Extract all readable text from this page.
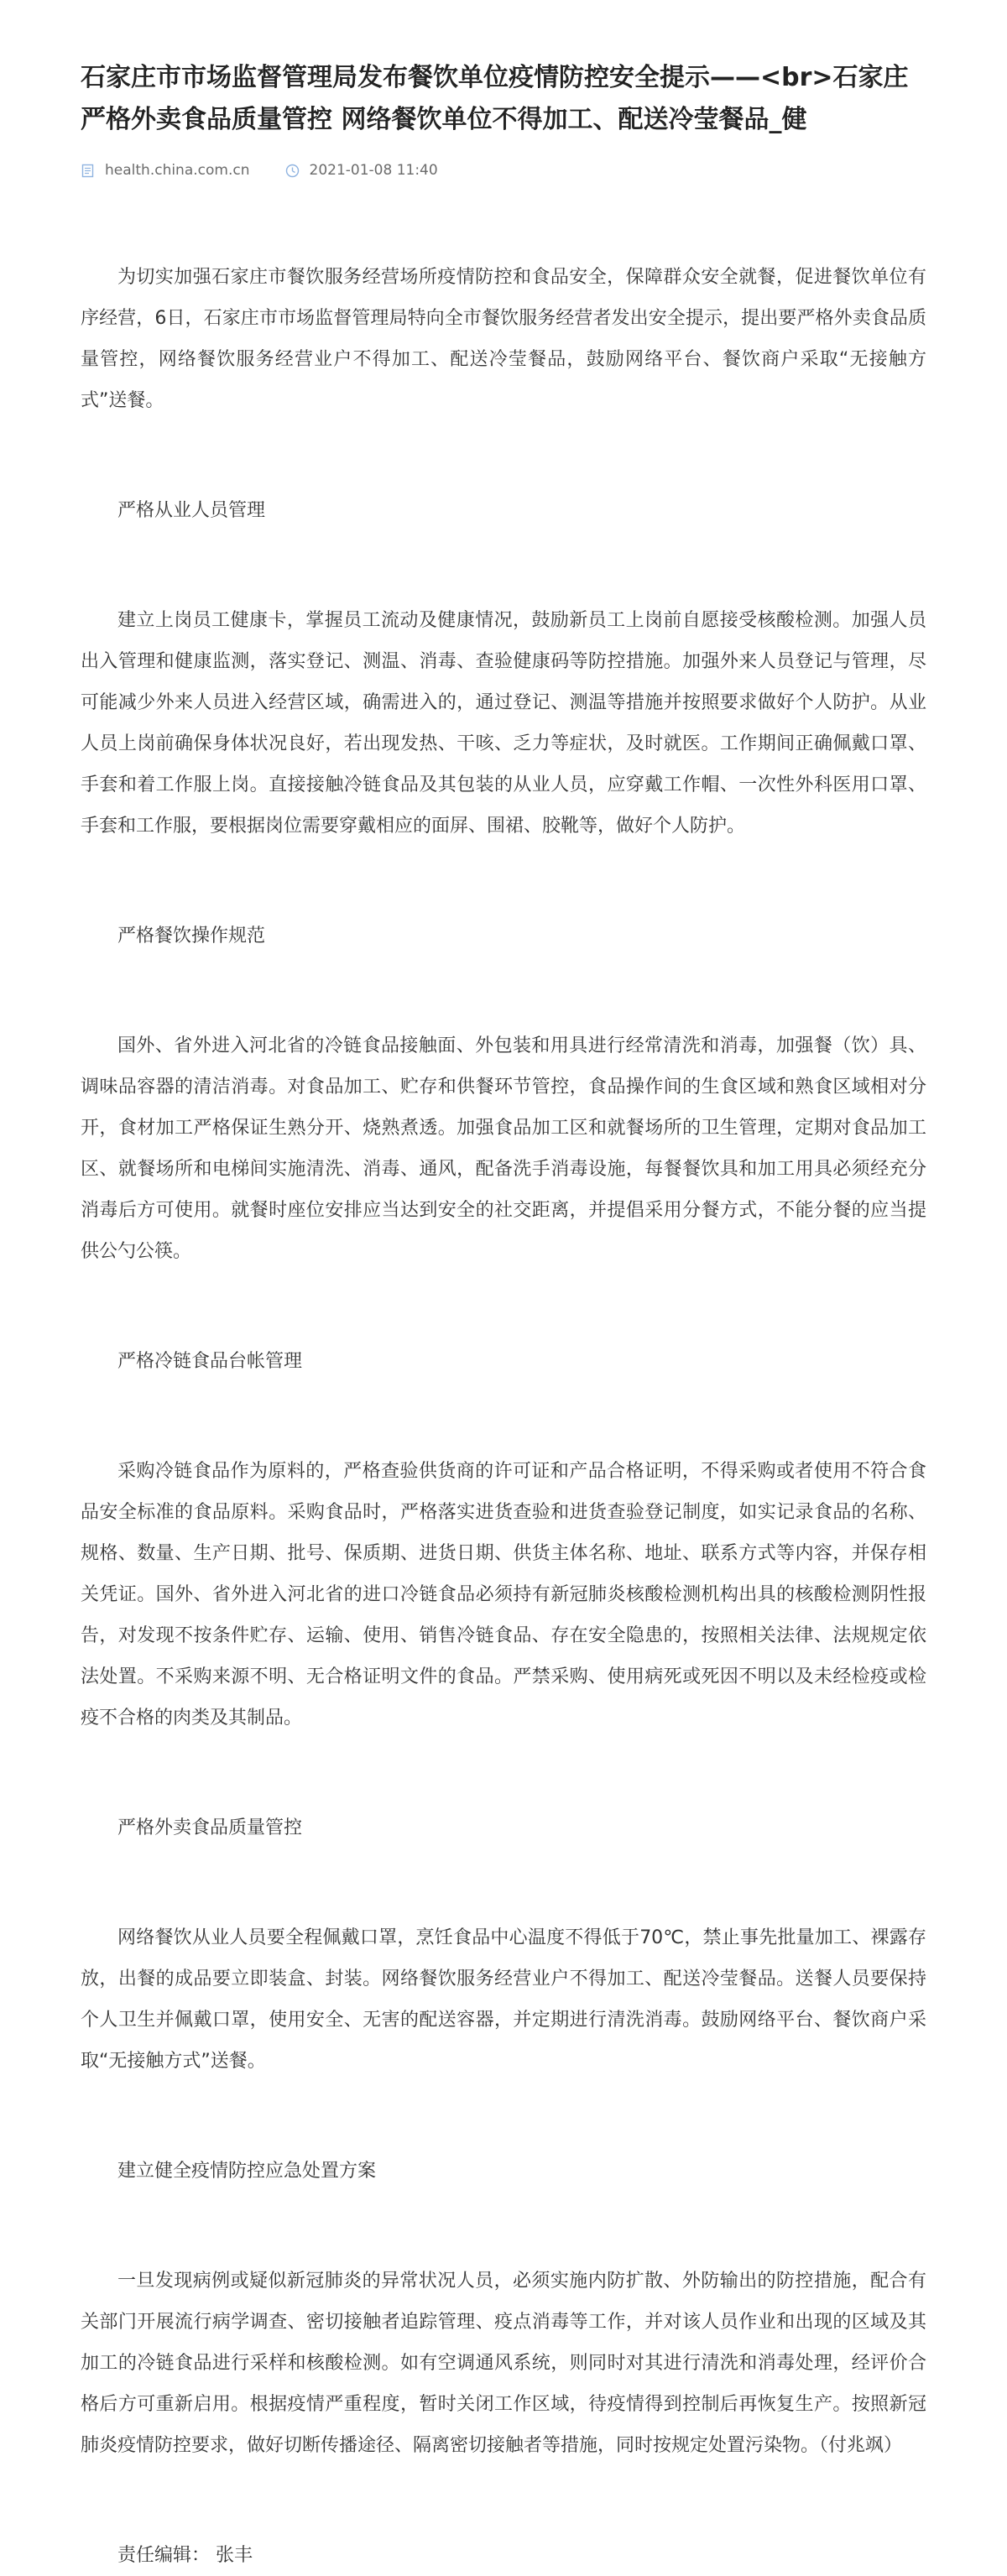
石家庄市市场监督管理局发布餐饮单位疫情防控安全提示——<br>石家庄严格外卖食品质量管控 网络餐饮单位不得加工、配送冷莹餐品_健
health.china.com.cn	2021-01-08 11:40

为切实加强石家庄市餐饮服务经营场所疫情防控和食品安全，保障群众安全就餐，促进餐饮单位有序经营，6日，石家庄市市场监督管理局特向全市餐饮服务经营者发出安全提示，提出要严格外卖食品质量管控，网络餐饮服务经营业户不得加工、配送冷莹餐品，鼓励网络平台、餐饮商户采取“无接触方式”送餐。

严格从业人员管理

建立上岗员工健康卡，掌握员工流动及健康情况，鼓励新员工上岗前自愿接受核酸检测。加强人员出入管理和健康监测，落实登记、测温、消毒、查验健康码等防控措施。加强外来人员登记与管理，尽可能减少外来人员进入经营区域，确需进入的，通过登记、测温等措施并按照要求做好个人防护。从业人员上岗前确保身体状况良好，若出现发热、干咳、乏力等症状，及时就医。工作期间正确佩戴口罩、手套和着工作服上岗。直接接触冷链食品及其包装的从业人员，应穿戴工作帽、一次性外科医用口罩、手套和工作服，要根据岗位需要穿戴相应的面屏、围裙、胶靴等，做好个人防护。

严格餐饮操作规范

国外、省外进入河北省的冷链食品接触面、外包装和用具进行经常清洗和消毒，加强餐（饮）具、调味品容器的清洁消毒。对食品加工、贮存和供餐环节管控，食品操作间的生食区域和熟食区域相对分开，食材加工严格保证生熟分开、烧熟煮透。加强食品加工区和就餐场所的卫生管理，定期对食品加工区、就餐场所和电梯间实施清洗、消毒、通风，配备洗手消毒设施，每餐餐饮具和加工用具必须经充分消毒后方可使用。就餐时座位安排应当达到安全的社交距离，并提倡采用分餐方式，不能分餐的应当提供公勺公筷。

严格冷链食品台帐管理

采购冷链食品作为原料的，严格查验供货商的许可证和产品合格证明，不得采购或者使用不符合食品安全标准的食品原料。采购食品时，严格落实进货查验和进货查验登记制度，如实记录食品的名称、规格、数量、生产日期、批号、保质期、进货日期、供货主体名称、地址、联系方式等内容，并保存相关凭证。国外、省外进入河北省的进口冷链食品必须持有新冠肺炎核酸检测机构出具的核酸检测阴性报告，对发现不按条件贮存、运输、使用、销售冷链食品、存在安全隐患的，按照相关法律、法规规定依法处置。不采购来源不明、无合格证明文件的食品。严禁采购、使用病死或死因不明以及未经检疫或检疫不合格的肉类及其制品。

严格外卖食品质量管控

网络餐饮从业人员要全程佩戴口罩，烹饪食品中心温度不得低于70℃，禁止事先批量加工、裸露存放，出餐的成品要立即装盒、封装。网络餐饮服务经营业户不得加工、配送冷莹餐品。送餐人员要保持个人卫生并佩戴口罩，使用安全、无害的配送容器，并定期进行清洗消毒。鼓励网络平台、餐饮商户采取“无接触方式”送餐。

建立健全疫情防控应急处置方案

一旦发现病例或疑似新冠肺炎的异常状况人员，必须实施内防扩散、外防输出的防控措施，配合有关部门开展流行病学调查、密切接触者追踪管理、疫点消毒等工作，并对该人员作业和出现的区域及其加工的冷链食品进行采样和核酸检测。如有空调通风系统，则同时对其进行清洗和消毒处理，经评价合格后方可重新启用。根据疫情严重程度，暂时关闭工作区域，待疫情得到控制后再恢复生产。按照新冠肺炎疫情防控要求，做好切断传播途径、隔离密切接触者等措施，同时按规定处置污染物。（付兆飒）

责任编辑： 张丰
